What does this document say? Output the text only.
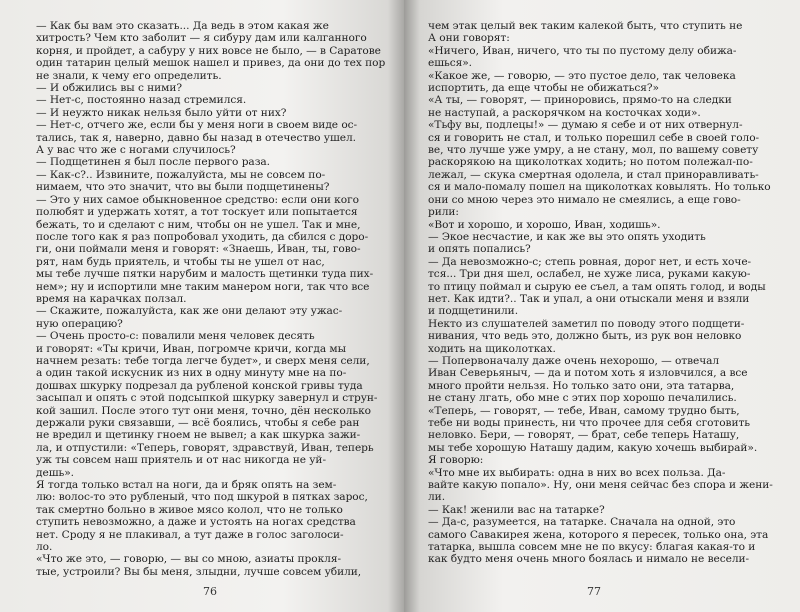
— Как бы вам это сказать... Да ведь в этом какая же
хитрость? Чем кто заболит — я сибуру дам или калганного
корня, и пройдет, а сабуру у них вовсе не было, — в Саратове
один татарин целый мешок нашел и привез, да они до тех пор
не знали, к чему его определить.
— И обжились вы с ними?
— Нет-с, постоянно назад стремился.
— И неужто никак нельзя было уйти от них?
— Нет-с, отчего же, если бы у меня ноги в своем виде ос-
тались, так я, наверно, давно бы назад в отечество ушел.
А у вас что же с ногами случилось?
— Подщетинен я был после первого раза.
— Как-с?.. Извините, пожалуйста, мы не совсем по-
нимаем, что это значит, что вы были подщетинены?
— Это у них самое обыкновенное средство: если они кого
полюбят и удержать хотят, а тот тоскует или попытается
бежать, то и сделают с ним, чтобы он не ушел. Так и мне,
после того как я раз попробовал уходить, да сбился с доро-
ги, они поймали меня и говорят: «Знаешь, Иван, ты, гово-
рят, нам будь приятель, и чтобы ты не ушел от нас,
мы тебе лучше пятки нарубим и малость щетинки туда пих-
нем»; ну и испортили мне таким манером ноги, так что все
время на карачках ползал.
— Скажите, пожалуйста, как же они делают эту ужас-
ную операцию?
— Очень просто-с: повалили меня человек десять
и говорят: «Ты кричи, Иван, погромче кричи, когда мы
начнем резать: тебе тогда легче будет», и сверх меня сели,
а один такой искусник из них в одну минуту мне на по-
дошвах шкурку подрезал да рубленой конской гривы туда
засыпал и опять с этой подсыпкой шкурку завернул и струн-
кой зашил. После этого тут они меня, точно, дён несколько
держали руки связавши, — всё боялись, чтобы я себе ран
не вредил и щетинку гноем не вывел; а как шкурка зажи-
ла, и отпустили: «Теперь, говорят, здравствуй, Иван, теперь
уж ты совсем наш приятель и от нас никогда не уй-
дешь».
Я тогда только встал на ноги, да и бряк опять на зем-
лю: волос-то это рубленый, что под шкурой в пятках зарос,
так смертно больно в живое мясо колол, что не только
ступить невозможно, а даже и устоять на ногах средства
нет. Сроду я не плакивал, а тут даже в голос заголоси-
ло.
«Что же это, — говорю, — вы со мною, азиаты прокля-
тые, устроили? Вы бы меня, злыдни, лучше совсем убили,
76
чем этак целый век таким калекой быть, что ступить не
А они говорят:
«Ничего, Иван, ничего, что ты по пустому делу обижа-
ешься».
«Какое же, — говорю, — это пустое дело, так человека
испортить, да еще чтобы не обижаться?»
«А ты, — говорят, — приноровись, прямо-то на следки
не наступай, а раскорячком на косточках ходи».
«Тьфу вы, подлецы!» — думаю я себе и от них отвернул-
ся и говорить не стал, и только порешил себе в своей голо-
ве, что лучше уже умру, а не стану, мол, по вашему совету
раскорякою на щиколотках ходить; но потом полежал-по-
лежал, — скука смертная одолела, и стал приноравливать-
ся и мало-помалу пошел на щиколотках ковылять. Но только
они со мною через это нимало не смеялись, а еще гово-
рили:
«Вот и хорошо, и хорошо, Иван, ходишь».
— Экое несчастие, и как же вы это опять уходить
и опять попались?
— Да невозможно-с; степь ровная, дорог нет, и есть хоче-
тся... Три дня шел, ослабел, не хуже лиса, руками какую-
то птицу поймал и сырую ее съел, а там опять голод, и воды
нет. Как идти?.. Так и упал, а они отыскали меня и взяли
и подщетинили.
Некто из слушателей заметил по поводу этого подщети-
нивания, что ведь это, должно быть, из рук вон неловко
ходить на щиколотках.
— Попервоначалу даже очень нехорошо, — отвечал
Иван Северьяныч, — да и потом хоть я изловчился, а все
много пройти нельзя. Но только зато они, эта татарва,
не стану лгать, обо мне с этих пор хорошо печалились.
«Теперь, — говорят, — тебе, Иван, самому трудно быть,
тебе ни воды принесть, ни что прочее для себя сготовить
неловко. Бери, — говорят, — брат, себе теперь Наташу,
мы тебе хорошую Наташу дадим, какую хочешь выбирай».
Я говорю:
«Что мне их выбирать: одна в них во всех польза. Да-
вайте какую попало». Ну, они меня сейчас без спора и жени-
ли.
— Как! женили вас на татарке?
— Да-с, разумеется, на татарке. Сначала на одной, это
самого Савакирея жена, которого я пересек, только она, эта
татарка, вышла совсем мне не по вкусу: благая какая-то и
как будто меня очень много боялась и нимало не весели-
77
